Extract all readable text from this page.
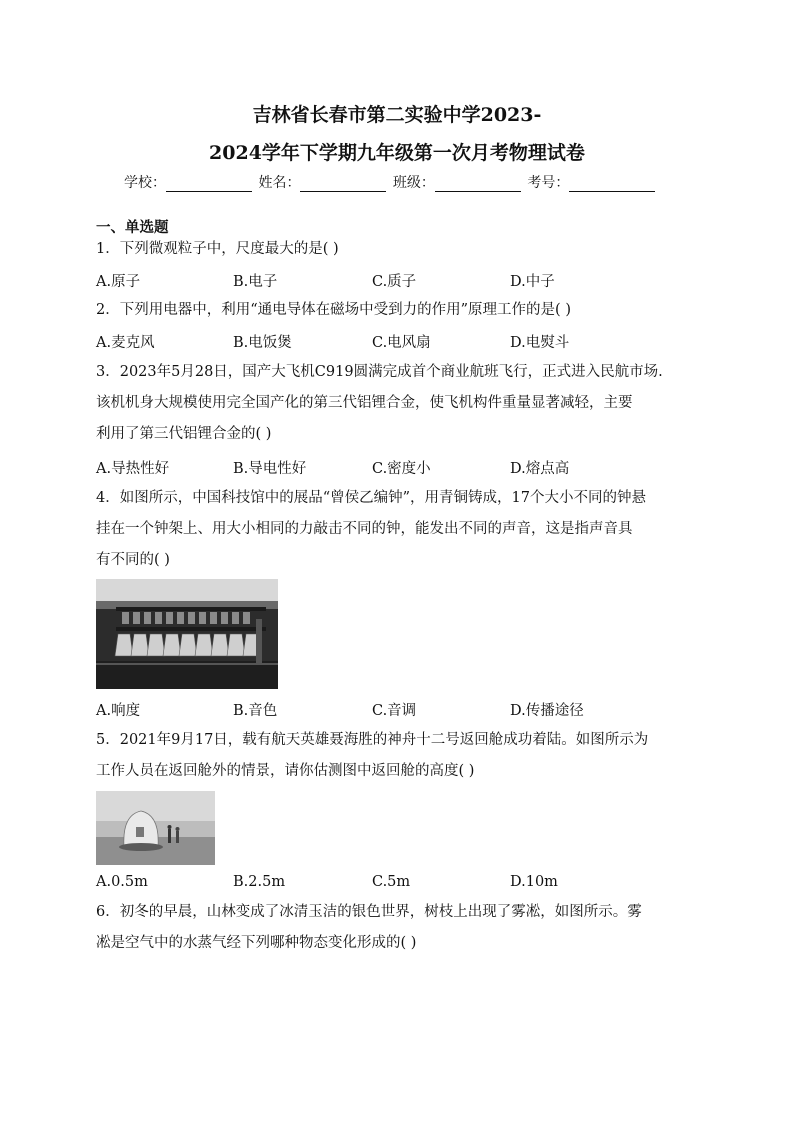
吉林省长春市第二实验中学2023-
2024学年下学期九年级第一次月考物理试卷
学校：	姓名：	班级：	考号：
一、单选题
1．下列微观粒子中，尺度最大的是( )
A.原子	B.电子	C.质子	D.中子
2．下列用电器中，利用“通电导体在磁场中受到力的作用”原理工作的是( )
A.麦克风	B.电饭煲	C.电风扇	D.电熨斗
3．2023年5月28日，国产大飞机C919圆满完成首个商业航班飞行，正式进入民航市场.
该机机身大规模使用完全国产化的第三代铝锂合金，使飞机构件重量显著减轻，主要
利用了第三代铝锂合金的( )
A.导热性好	B.导电性好	C.密度小	D.熔点高
4．如图所示，中国科技馆中的展品“曾侯乙编钟”，用青铜铸成，17个大小不同的钟悬
挂在一个钟架上、用大小相同的力敲击不同的钟，能发出不同的声音，这是指声音具
有不同的( )
A.响度	B.音色	C.音调	D.传播途径
5．2021年9月17日，载有航天英雄聂海胜的神舟十二号返回舱成功着陆。如图所示为
工作人员在返回舱外的情景，请你估测图中返回舱的高度( )
A.0.5m	B.2.5m	C.5m	D.10m
6．初冬的早晨，山林变成了冰清玉洁的银色世界，树枝上出现了雾凇，如图所示。雾
凇是空气中的水蒸气经下列哪种物态变化形成的( )
